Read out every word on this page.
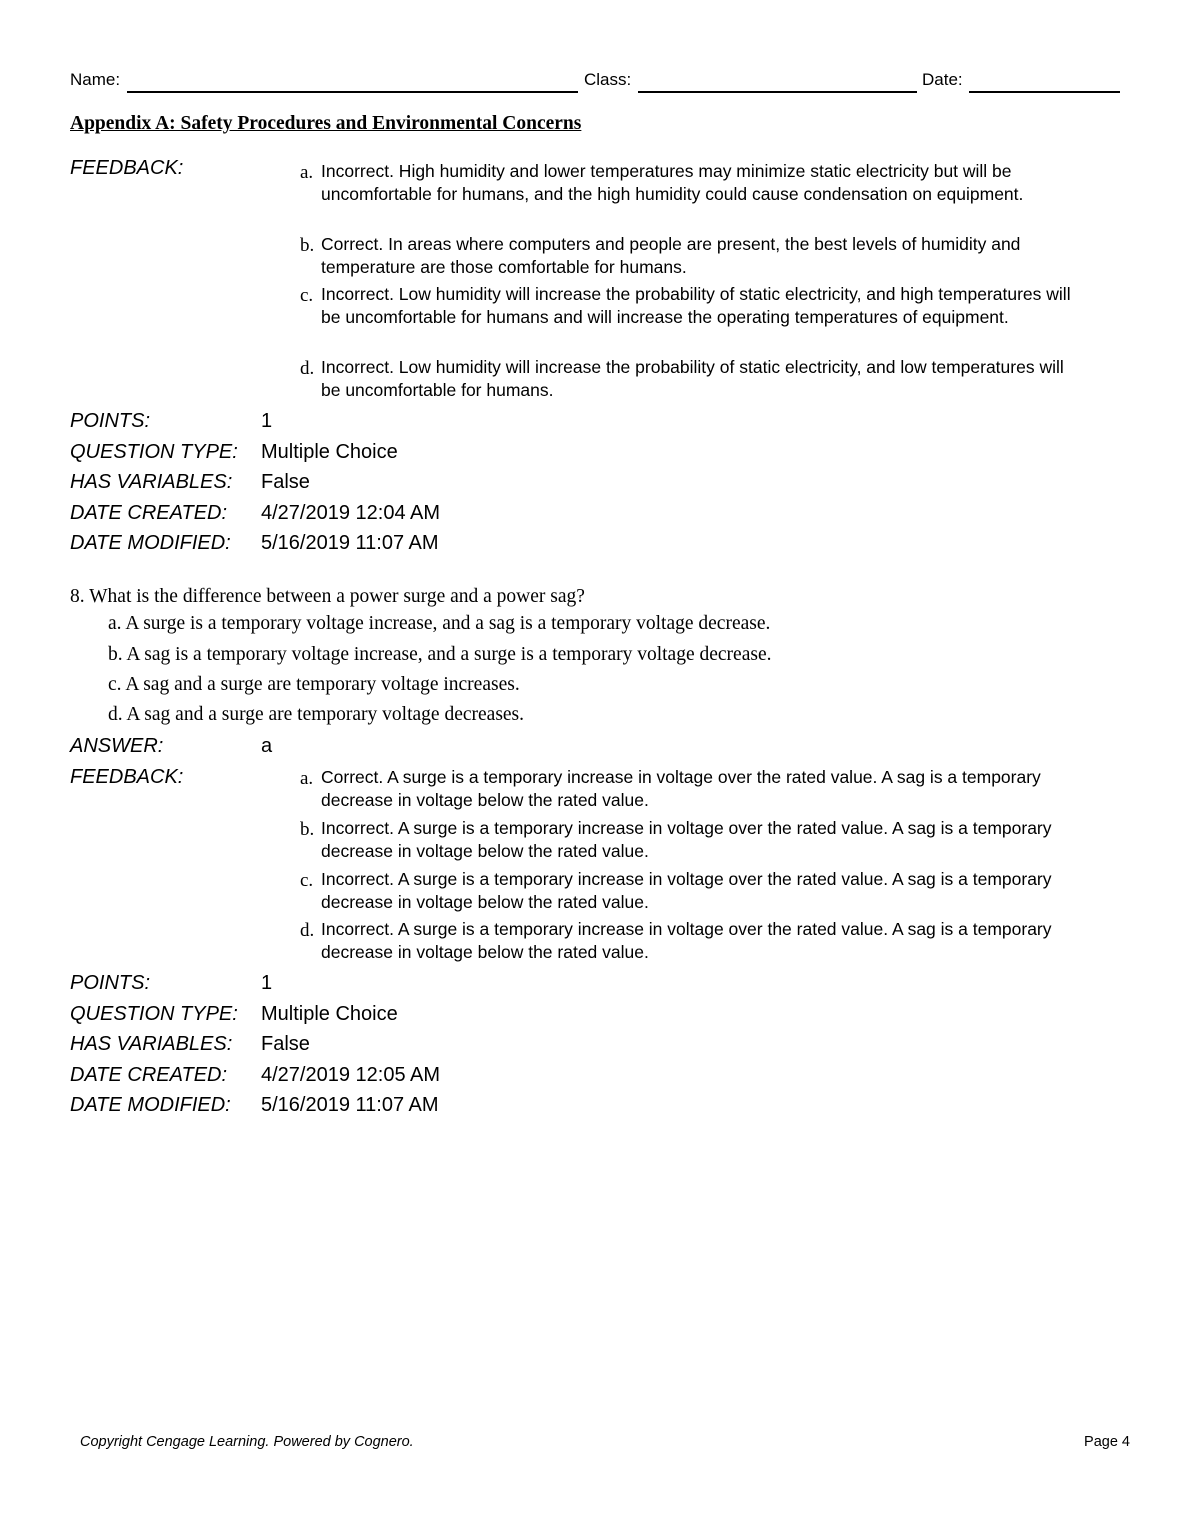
Name:	Class:	Date:
Appendix A: Safety Procedures and Environmental Concerns
FEEDBACK:	a. Incorrect. High humidity and lower temperatures may minimize static electricity but will be uncomfortable for humans, and the high humidity could cause condensation on equipment.
b. Correct. In areas where computers and people are present, the best levels of humidity and temperature are those comfortable for humans.
c. Incorrect. Low humidity will increase the probability of static electricity, and high temperatures will be uncomfortable for humans and will increase the operating temperatures of equipment.
d. Incorrect. Low humidity will increase the probability of static electricity, and low temperatures will be uncomfortable for humans.
POINTS:	1
QUESTION TYPE: Multiple Choice
HAS VARIABLES: False
DATE CREATED: 4/27/2019 12:04 AM
DATE MODIFIED: 5/16/2019 11:07 AM
8. What is the difference between a power surge and a power sag?
a. A surge is a temporary voltage increase, and a sag is a temporary voltage decrease.
b. A sag is a temporary voltage increase, and a surge is a temporary voltage decrease.
c. A sag and a surge are temporary voltage increases.
d. A sag and a surge are temporary voltage decreases.
ANSWER:	a
FEEDBACK:	a. Correct. A surge is a temporary increase in voltage over the rated value. A sag is a temporary decrease in voltage below the rated value.
b. Incorrect. A surge is a temporary increase in voltage over the rated value. A sag is a temporary decrease in voltage below the rated value.
c. Incorrect. A surge is a temporary increase in voltage over the rated value. A sag is a temporary decrease in voltage below the rated value.
d. Incorrect. A surge is a temporary increase in voltage over the rated value. A sag is a temporary decrease in voltage below the rated value.
POINTS:	1
QUESTION TYPE: Multiple Choice
HAS VARIABLES: False
DATE CREATED: 4/27/2019 12:05 AM
DATE MODIFIED: 5/16/2019 11:07 AM
Copyright Cengage Learning. Powered by Cognero.	Page 4
